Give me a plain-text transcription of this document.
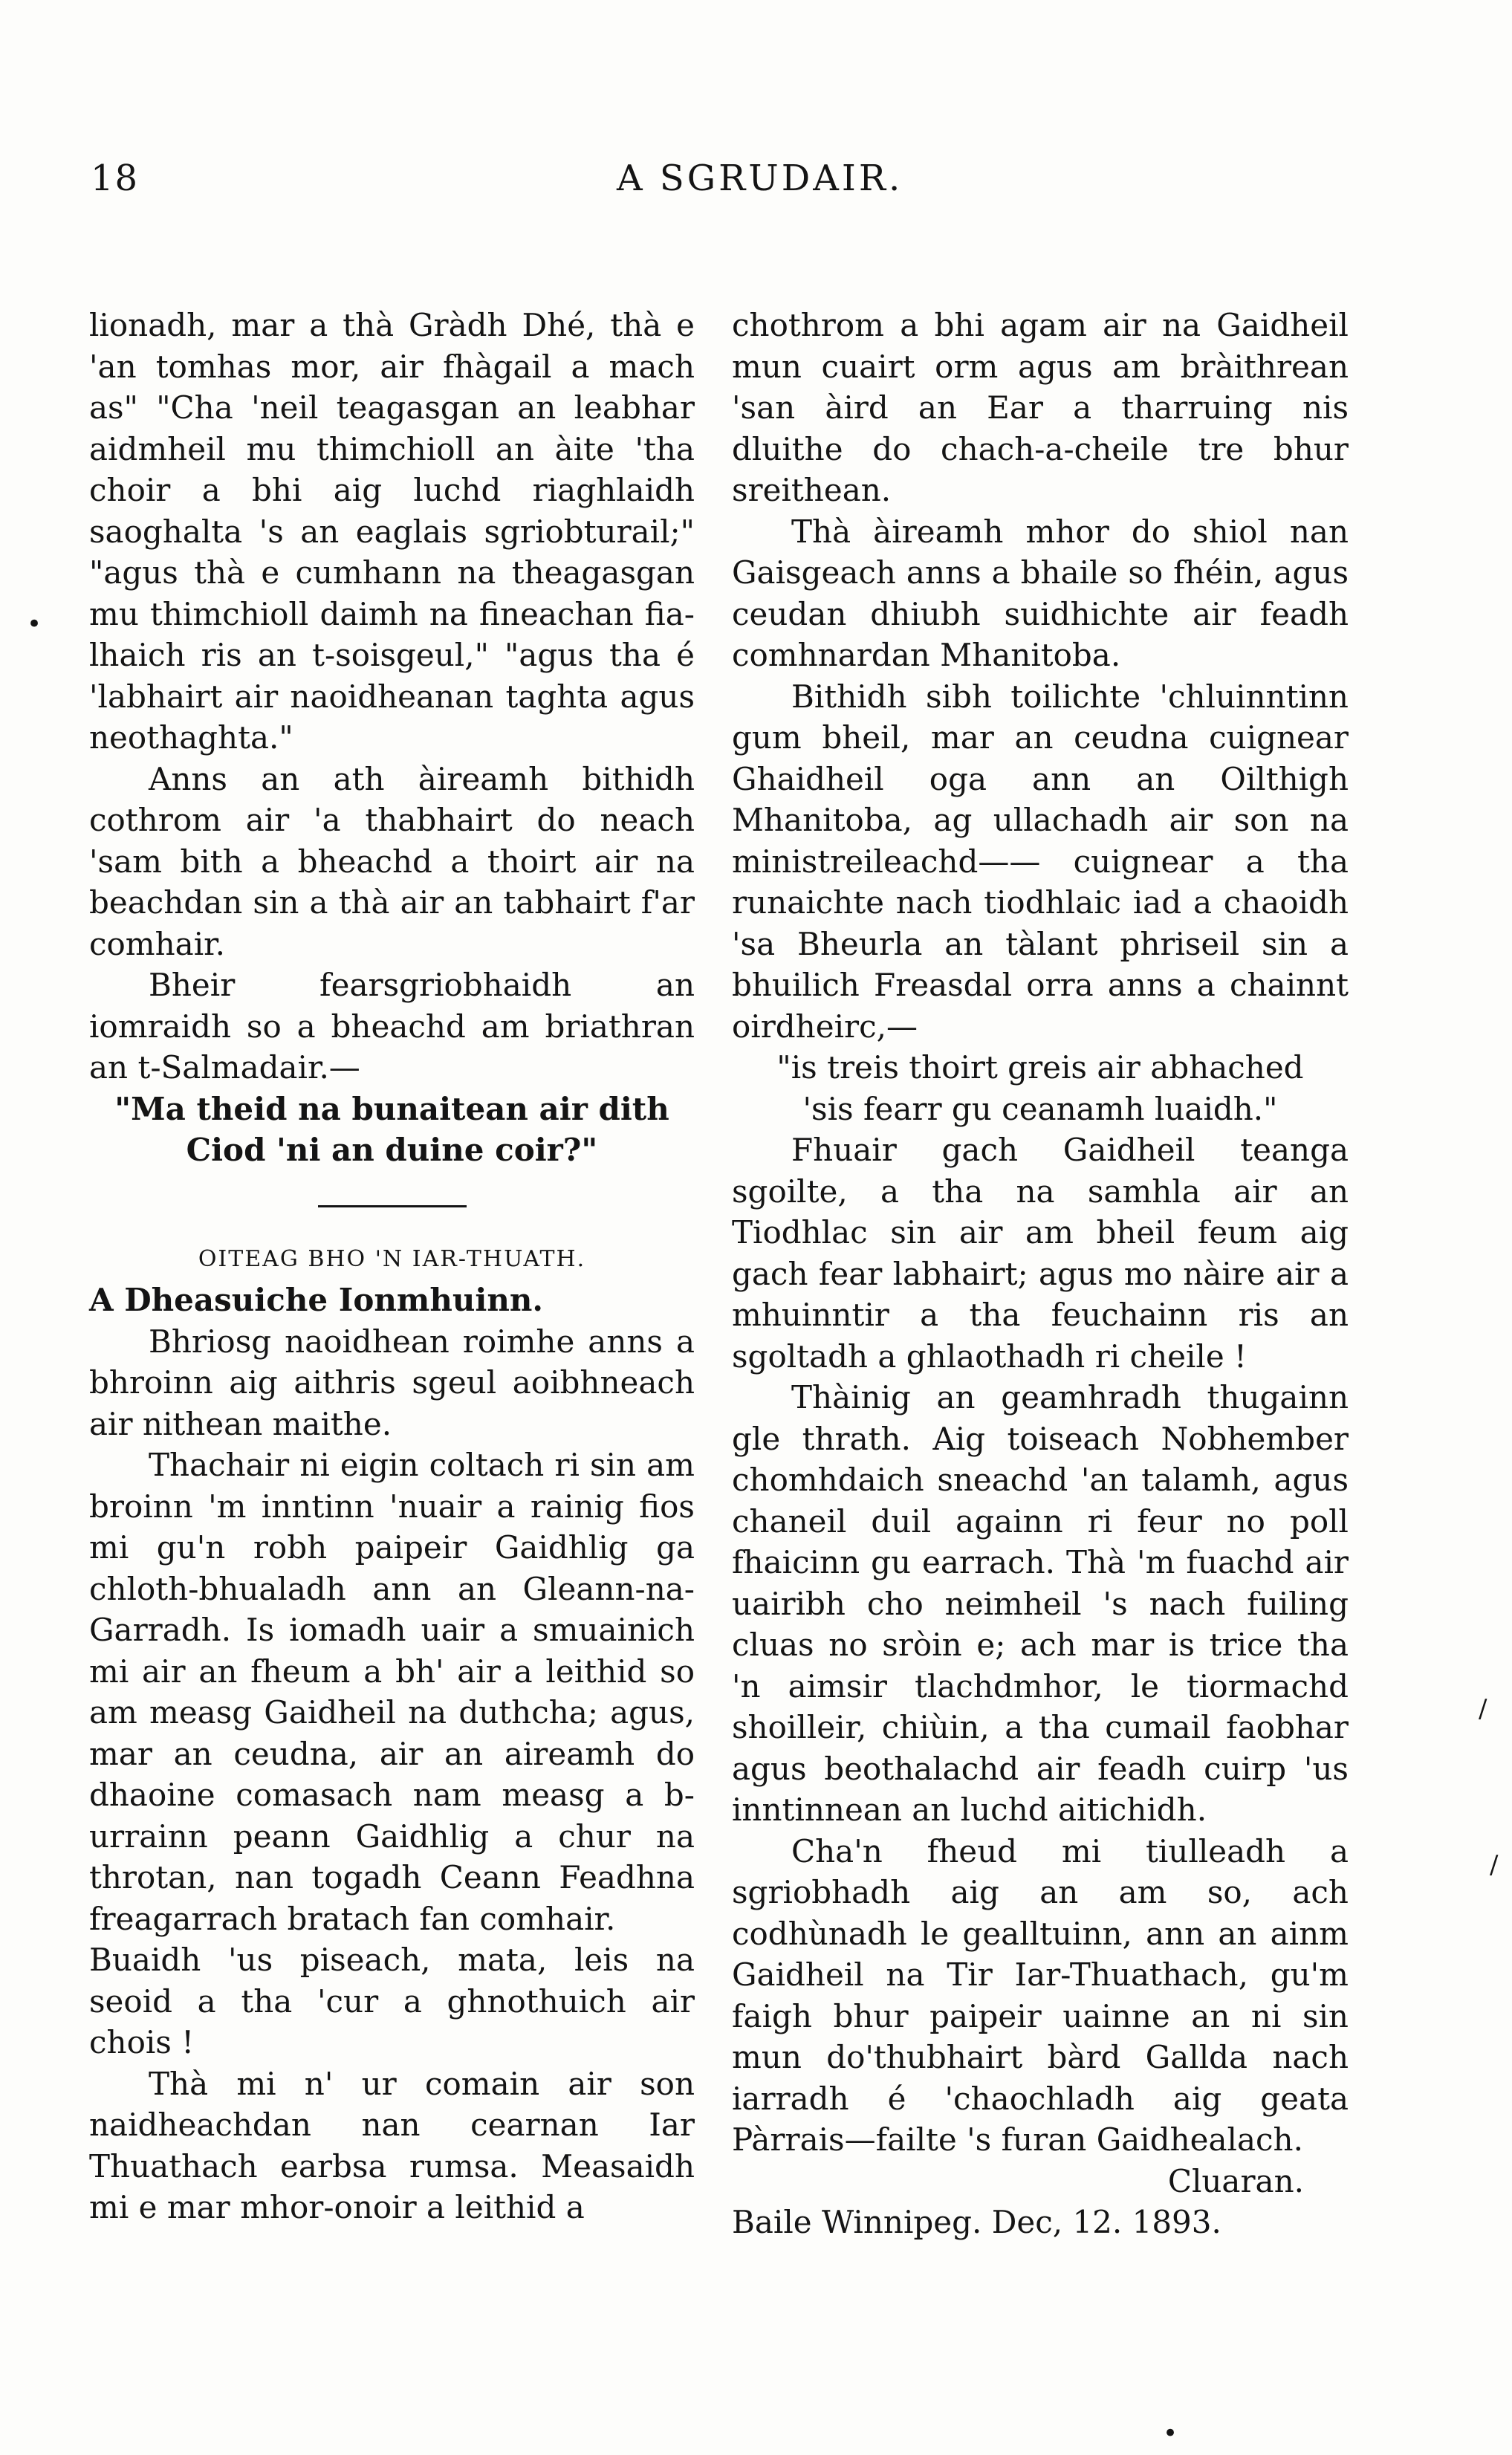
18	A SGRUDAIR.

lionadh, mar a thà Gràdh Dhé, thà e 'an tomhas mor, air fhàgail a mach as" "Cha 'neil teagasgan an leabhar aidmheil mu thimchioll an àite 'tha choir a bhi aig luchd riaghlaidh saoghalta 's an eaglais sgriobturail;" "agus thà e cumhann na theagasgan mu thimchioll daimh na fineachan fia-lhaich ris an t-soisgeul," "agus tha é 'labhairt air naoidheanan taghta agus neothaghta."

Anns an ath àireamh bithidh cothrom air 'a thabhairt do neach 'sam bith a bheachd a thoirt air na beachdan sin a thà air an tabhairt f'ar comhair.

Bheir fearsgriobhaidh an iomraidh so a bheachd am briathran an t-Salmadair.—

"Ma theid na bunaitean air dith

Ciod 'ni an duine coir?"

OITEAG BHO 'N IAR-THUATH.

A Dheasuiche Ionmhuinn.

Bhriosg naoidhean roimhe anns a bhroinn aig aithris sgeul aoibhneach air nithean maithe.

Thachair ni eigin coltach ri sin am broinn 'm inntinn 'nuair a rainig fios mi gu'n robh paipeir Gaidhlig ga chloth-bhualadh ann an Gleann-na-Garradh. Is iomadh uair a smuainich mi air an fheum a bh' air a leithid so am measg Gaidheil na duthcha; agus, mar an ceudna, air an aireamh do dhaoine comasach nam measg a b-urrainn peann Gaidhlig a chur na throtan, nan togadh Ceann Feadhna freagarrach bratach fan comhair.

Buaidh 'us piseach, mata, leis na seoid a tha 'cur a ghnothuich air chois !

Thà mi n' ur comain air son naidheachdan nan cearnan Iar Thuathach earbsa rumsa. Measaidh mi e mar mhor-onoir a leithid a

chothrom a bhi agam air na Gaidheil mun cuairt orm agus am bràithrean 'san àird an Ear a tharruing nis dluithe do chach-a-cheile tre bhur sreithean.

Thà àireamh mhor do shiol nan Gaisgeach anns a bhaile so fhéin, agus ceudan dhiubh suidhichte air feadh comhnardan Mhanitoba.

Bithidh sibh toilichte 'chluinntinn gum bheil, mar an ceudna cuignear Ghaidheil oga ann an Oilthigh Mhanitoba, ag ullachadh air son na ministreileachd—— cuignear a tha runaichte nach tiodhlaic iad a chaoidh 'sa Bheurla an tàlant phriseil sin a bhuilich Freasdal orra anns a chainnt oirdheirc,—

"is treis thoirt greis air abhached

'sis fearr gu ceanamh luaidh."

Fhuair gach Gaidheil teanga sgoilte, a tha na samhla air an Tiodhlac sin air am bheil feum aig gach fear labhairt; agus mo nàire air a mhuinntir a tha feuchainn ris an sgoltadh a ghlaothadh ri cheile !

Thàinig an geamhradh thugainn gle thrath. Aig toiseach Nobhember chomhdaich sneachd 'an talamh, agus chaneil duil againn ri feur no poll fhaicinn gu earrach. Thà 'm fuachd air uairibh cho neimheil 's nach fuiling cluas no sròin e; ach mar is trice tha 'n aimsir tlachdmhor, le tiormachd shoilleir, chiùin, a tha cumail faobhar agus beothalachd air feadh cuirp 'us inntinnean an luchd aitichidh.

Cha'n fheud mi tiulleadh a sgriobhadh aig an am so, ach codhùnadh le gealltuinn, ann an ainm Gaidheil na Tir Iar-Thuathach, gu'm faigh bhur paipeir uainne an ni sin mun do'thubhairt bàrd Gallda nach iarradh é 'chaochladh aig geata Pàrrais—failte 's furan Gaidhealach.

Cluaran.

Baile Winnipeg. Dec, 12. 1893.

•
/
/
•
